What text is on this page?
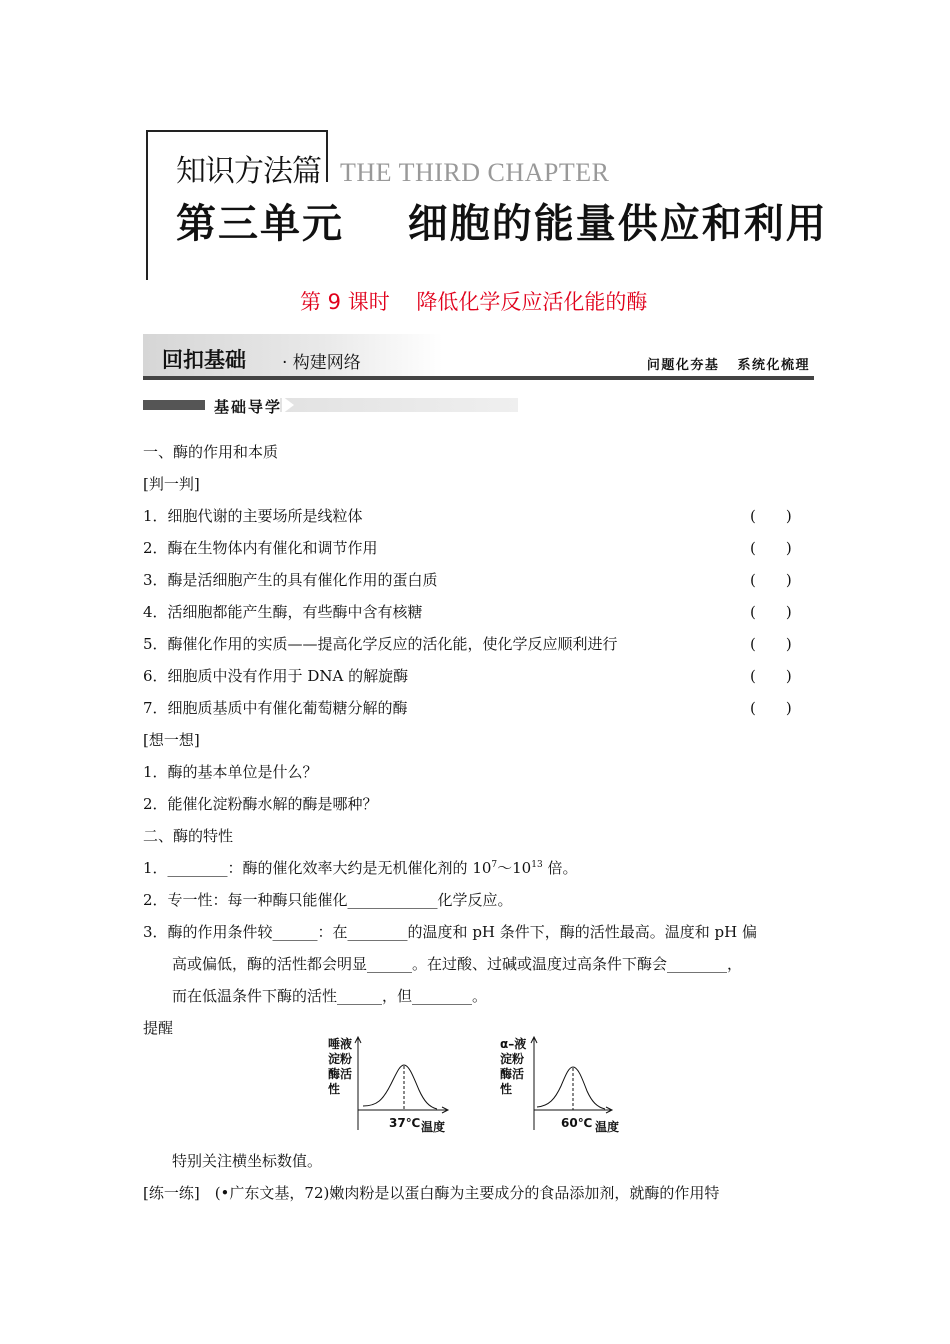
知识方法篇 THE THIRD CHAPTER
第三单元    细胞的能量供应和利用
第 9 课时    降低化学反应活化能的酶
回扣基础 · 构建网络	问题化夯基   系统化梳理
基础导学
一、酶的作用和本质
[判一判]
1．细胞代谢的主要场所是线粒体	(　　)
2．酶在生物体内有催化和调节作用	(　　)
3．酶是活细胞产生的具有催化作用的蛋白质	(　　)
4．活细胞都能产生酶，有些酶中含有核糖	(　　)
5．酶催化作用的实质——提高化学反应的活化能，使化学反应顺利进行	(　　)
6．细胞质中没有作用于 DNA 的解旋酶	(　　)
7．细胞质基质中有催化葡萄糖分解的酶	(　　)
[想一想]
1．酶的基本单位是什么？
2．能催化淀粉酶水解的酶是哪种？
二、酶的特性
1．________：酶的催化效率大约是无机催化剂的 $10^7\sim 10^{13}$ 倍。
2．专一性：每一种酶只能催化____________化学反应。
3．酶的作用条件较______：在________的温度和 pH 条件下，酶的活性最高。温度和 pH 偏
高或偏低，酶的活性都会明显______。在过酸、过碱或温度过高条件下酶会________，
而在低温条件下酶的活性______，但________。
提醒
唾液
淀粉
酶活
性
37℃ 温度
α–液
淀粉
酶活
性
60℃ 温度
特别关注横坐标数值。
[练一练]　(•广东文基，72)嫩肉粉是以蛋白酶为主要成分的食品添加剂，就酶的作用特
